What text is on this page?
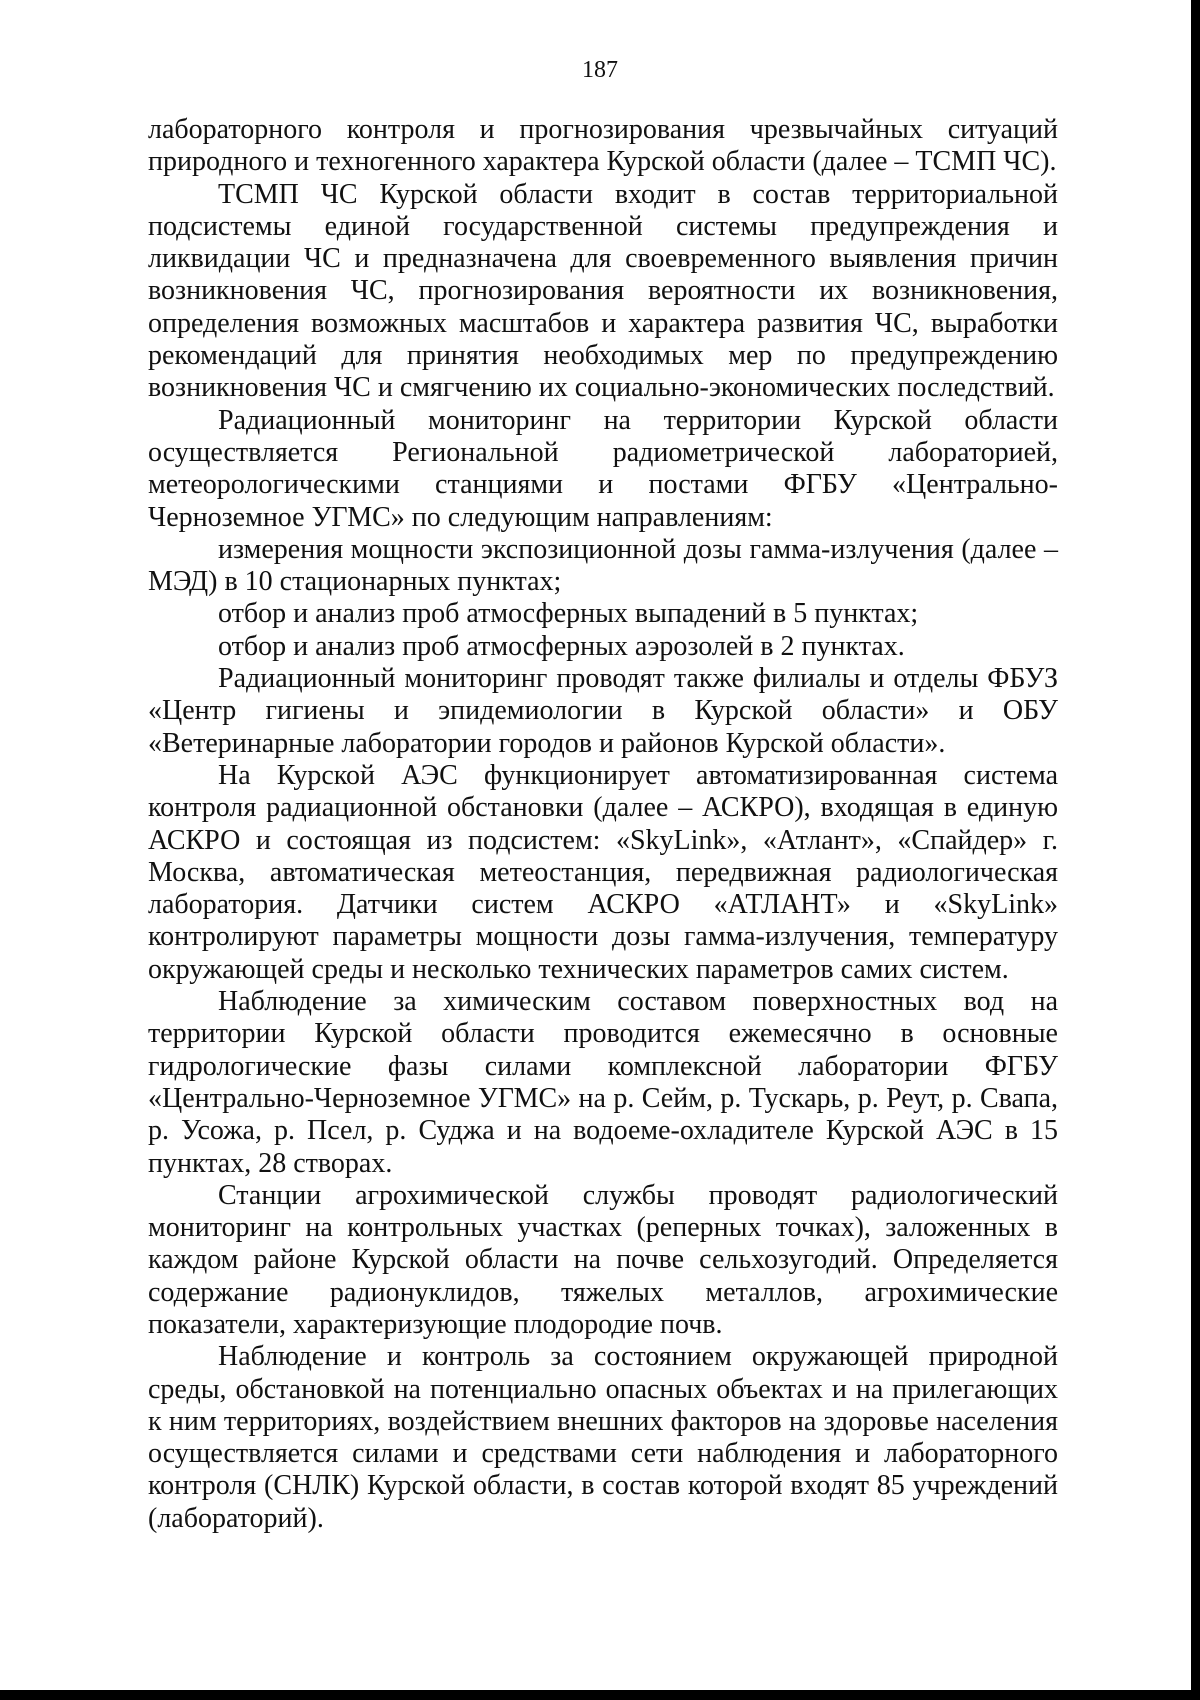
187

лабораторного контроля и прогнозирования чрезвычайных ситуаций природного и техногенного характера Курской области (далее – ТСМП ЧС).

ТСМП ЧС Курской области входит в состав территориальной подсистемы единой государственной системы предупреждения и ликвидации ЧС и предназначена для своевременного выявления причин возникновения ЧС, прогнозирования вероятности их возникновения, определения возможных масштабов и характера развития ЧС, выработки рекомендаций для принятия необходимых мер по предупреждению возникновения ЧС и смягчению их социально-экономических последствий.

Радиационный мониторинг на территории Курской области осуществляется Региональной радиометрической лабораторией, метеорологическими станциями и постами ФГБУ «Центрально-Черноземное УГМС» по следующим направлениям:

измерения мощности экспозиционной дозы гамма-излучения (далее – МЭД) в 10 стационарных пунктах;

отбор и анализ проб атмосферных выпадений в 5 пунктах;

отбор и анализ проб атмосферных аэрозолей в 2 пунктах.

Радиационный мониторинг проводят также филиалы и отделы ФБУЗ «Центр гигиены и эпидемиологии в Курской области» и ОБУ «Ветеринарные лаборатории городов и районов Курской области».

На Курской АЭС функционирует автоматизированная система контроля радиационной обстановки (далее – АСКРО), входящая в единую АСКРО и состоящая из подсистем: «SkyLink», «Атлант», «Спайдер» г. Москва, автоматическая метеостанция, передвижная радиологическая лаборатория. Датчики систем АСКРО «АТЛАНТ» и «SkyLink» контролируют параметры мощности дозы гамма-излучения, температуру окружающей среды и несколько технических параметров самих систем.

Наблюдение за химическим составом поверхностных вод на территории Курской области проводится ежемесячно в основные гидрологические фазы силами комплексной лаборатории ФГБУ «Центрально-Черноземное УГМС» на р. Сейм, р. Тускарь, р. Реут, р. Свапа, р. Усожа, р. Псел, р. Суджа и на водоеме-охладителе Курской АЭС в 15 пунктах, 28 створах.

Станции агрохимической службы проводят радиологический мониторинг на контрольных участках (реперных точках), заложенных в каждом районе Курской области на почве сельхозугодий. Определяется содержание радионуклидов, тяжелых металлов, агрохимические показатели, характеризующие плодородие почв.

Наблюдение и контроль за состоянием окружающей природной среды, обстановкой на потенциально опасных объектах и на прилегающих к ним территориях, воздействием внешних факторов на здоровье населения осуществляется силами и средствами сети наблюдения и лабораторного контроля (СНЛК) Курской области, в состав которой входят 85 учреждений (лабораторий).
